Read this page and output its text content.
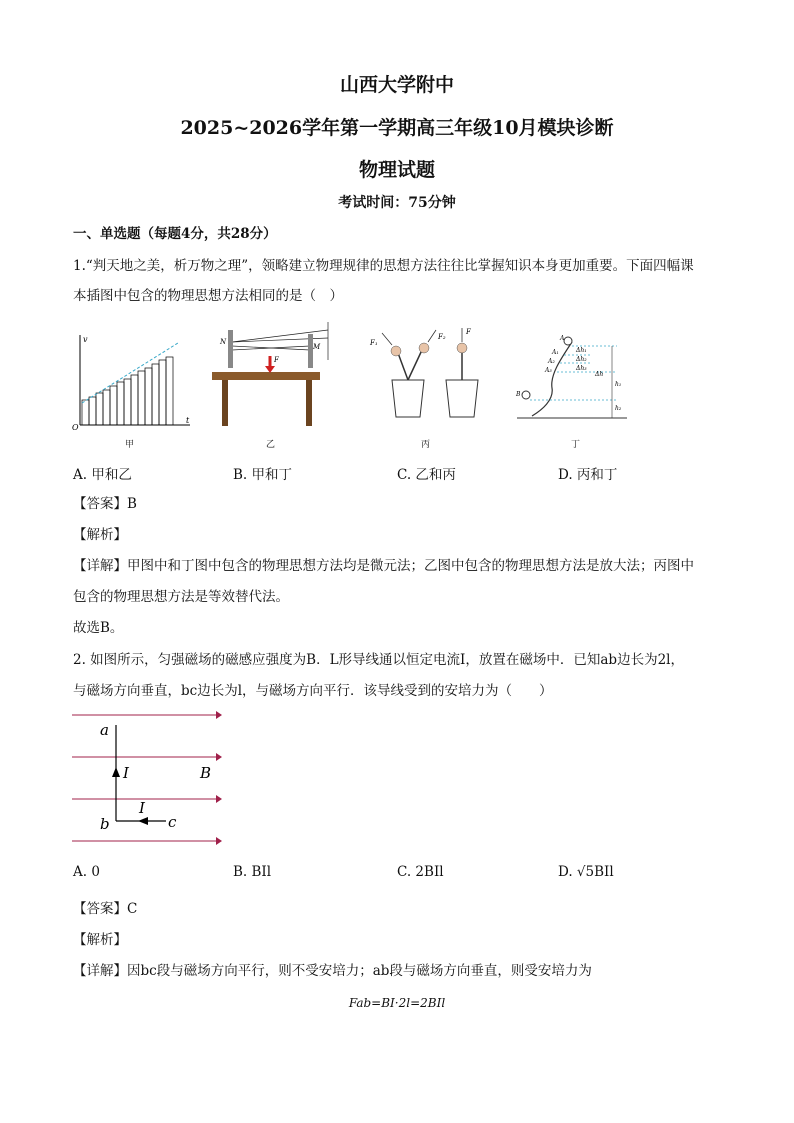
山西大学附中
2025~2026学年第一学期高三年级10月模块诊断
物理试题
考试时间：75分钟
一、单选题（每题4分，共28分）
1.“判天地之美，析万物之理”，领略建立物理规律的思想方法往往比掌握知识本身更加重要。下面四幅课
本插图中包含的物理思想方法相同的是（　）
v
t
O
甲
N
M
F
乙
F₁
F₂
F
丙
A
A₁
A₂
A₃
B
Δh₁
Δh₂
Δh₃
Δh
h₁
h₂
丁
A. 甲和乙	B. 甲和丁	C. 乙和丙	D. 丙和丁
【答案】B
【解析】
【详解】甲图中和丁图中包含的物理思想方法均是微元法；乙图中包含的物理思想方法是放大法；丙图中
包含的物理思想方法是等效替代法。
故选B。
2. 如图所示，匀强磁场的磁感应强度为B．L形导线通以恒定电流I，放置在磁场中．已知ab边长为2l，
与磁场方向垂直，bc边长为l，与磁场方向平行．该导线受到的安培力为（　　）
a
b	c
I
I
B
A. 0	B. BIl	C. 2BIl	D. √5BIl
【答案】C
【解析】
【详解】因bc段与磁场方向平行，则不受安培力；ab段与磁场方向垂直，则受安培力为
Fab=BI·2l=2BIl
